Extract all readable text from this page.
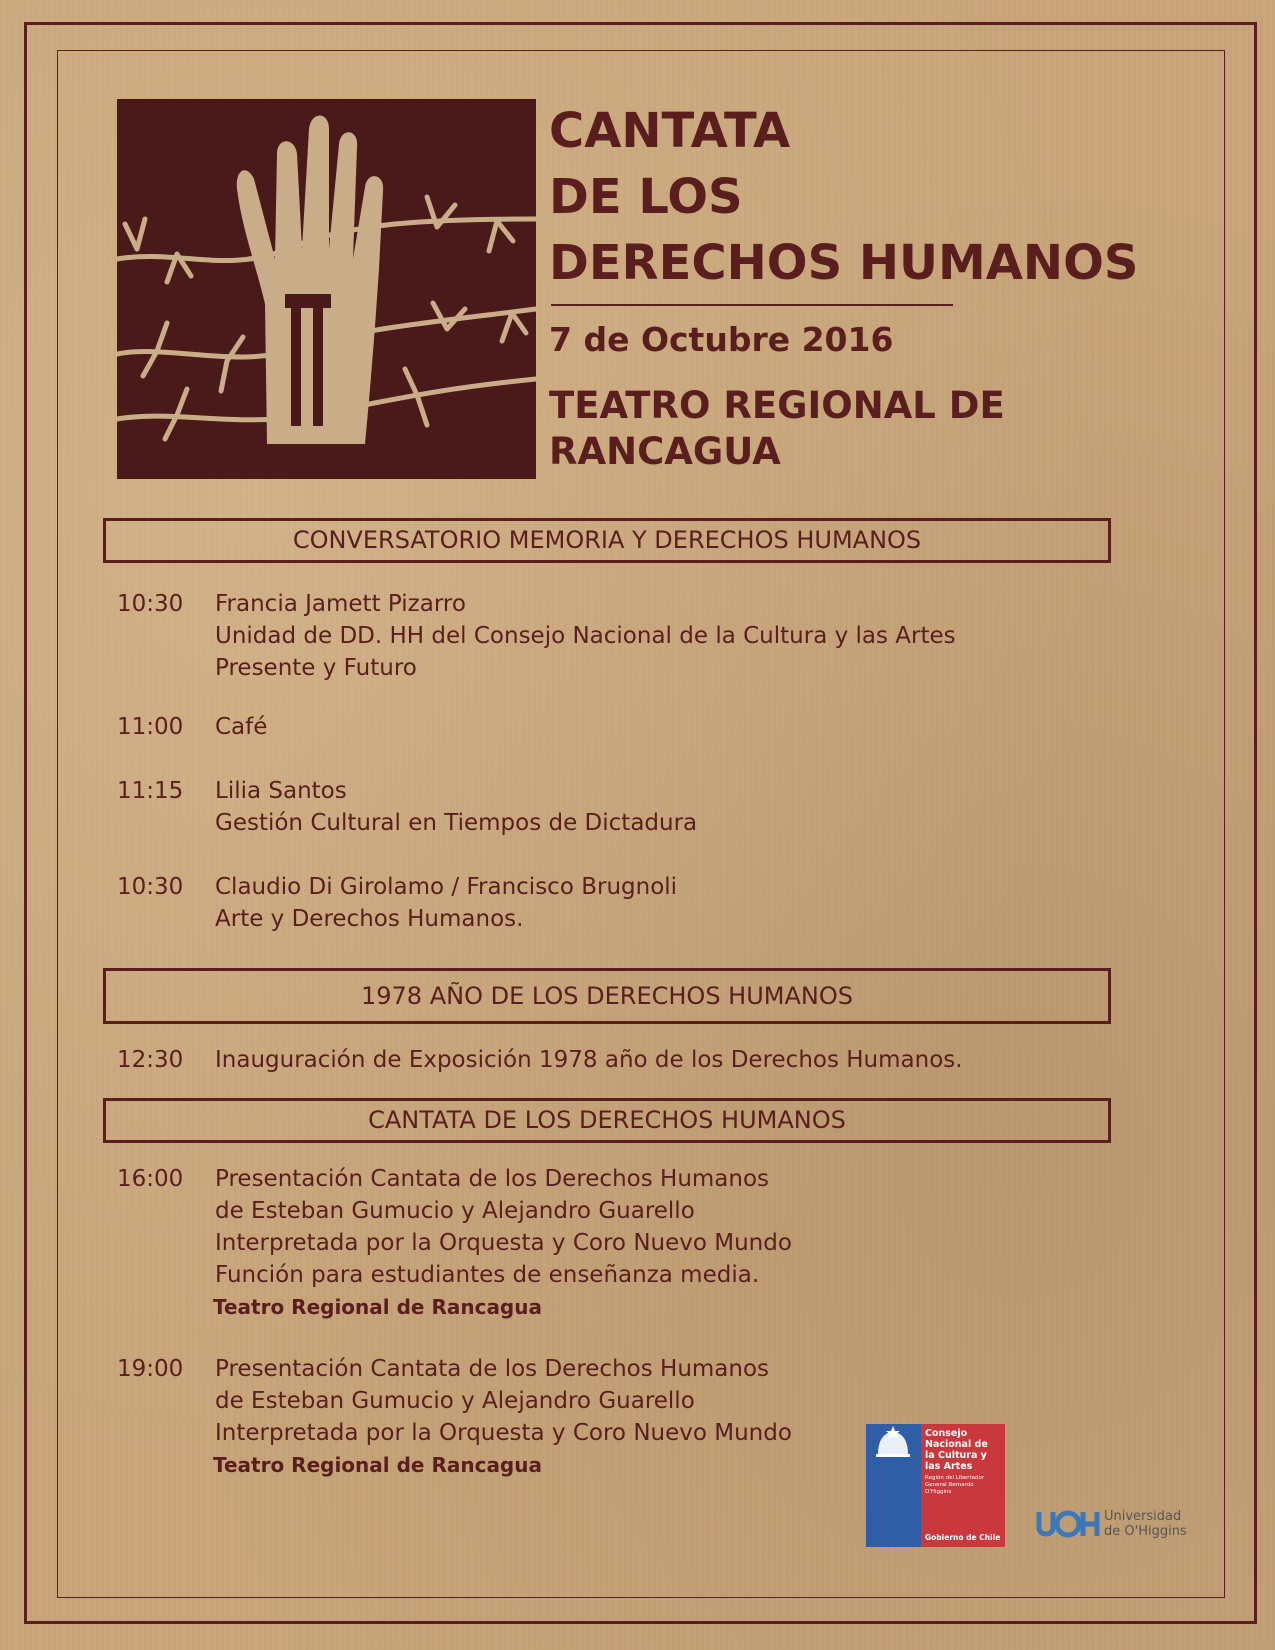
CANTATA
DE LOS
DERECHOS HUMANOS
7 de Octubre 2016
TEATRO REGIONAL DE RANCAGUA
CONVERSATORIO MEMORIA Y DERECHOS HUMANOS
10:30	Francia Jamett Pizarro
Unidad de DD. HH del Consejo Nacional de la Cultura y las Artes
Presente y Futuro
11:00	Café
11:15	Lilia Santos
Gestión Cultural en Tiempos de Dictadura
10:30	Claudio Di Girolamo / Francisco Brugnoli
Arte y Derechos Humanos.
1978 AÑO DE LOS DERECHOS HUMANOS
12:30	Inauguración de Exposición 1978 año de los Derechos Humanos.
CANTATA DE LOS DERECHOS HUMANOS
16:00	Presentación Cantata de los Derechos Humanos
de Esteban Gumucio y Alejandro Guarello
Interpretada por la Orquesta y Coro Nuevo Mundo
Función para estudiantes de enseñanza media.
Teatro Regional de Rancagua
19:00	Presentación Cantata de los Derechos Humanos
de Esteban Gumucio y Alejandro Guarello
Interpretada por la Orquesta y Coro Nuevo Mundo
Teatro Regional de Rancagua
Consejo
Nacional de
la Cultura y
las Artes
Región del Libertador
General Bernardo
O'Higgins
Gobierno de Chile
Universidad
de O'Higgins
